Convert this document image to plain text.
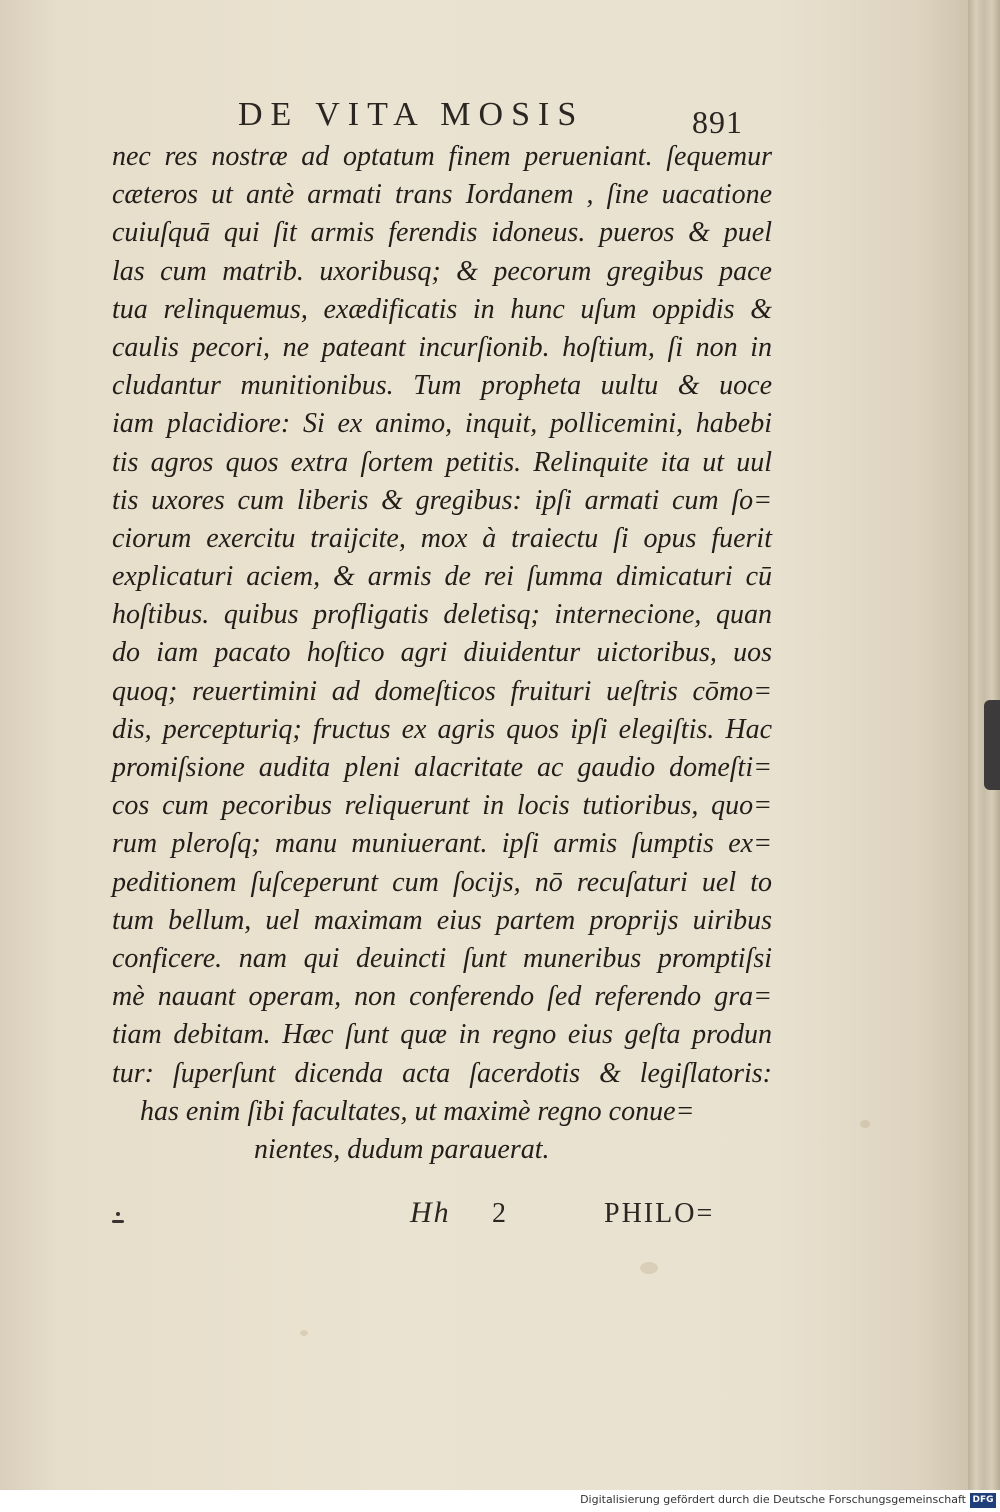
DE VITA MOSIS	891
nec res nostræ ad optatum finem perueniant. ſequemur
cæteros ut antè armati trans Iordanem , ſine uacatione
cuiuſquā qui ſit armis ferendis idoneus. pueros & puel
las cum matrib. uxoribusq; & pecorum gregibus pace
tua relinquemus, exædificatis in hunc uſum oppidis &
caulis pecori, ne pateant incurſionib. hoſtium, ſi non in
cludantur munitionibus. Tum propheta uultu & uoce
iam placidiore: Si ex animo, inquit, pollicemini, habebi
tis agros quos extra ſortem petitis. Relinquite ita ut uul
tis uxores cum liberis & gregibus: ipſi armati cum ſo=
ciorum exercitu traijcite, mox à traiectu ſi opus fuerit
explicaturi aciem, & armis de rei ſumma dimicaturi cū
hoſtibus. quibus profligatis deletisq; internecione, quan
do iam pacato hoſtico agri diuidentur uictoribus, uos
quoq; reuertimini ad domeſticos fruituri ueſtris cōmo=
dis, percepturiq; fructus ex agris quos ipſi elegiſtis. Hac
promiſsione audita pleni alacritate ac gaudio domeſti=
cos cum pecoribus reliquerunt in locis tutioribus, quo=
rum pleroſq; manu muniuerant. ipſi armis ſumptis ex=
peditionem ſuſceperunt cum ſocijs, nō recuſaturi uel to
tum bellum, uel maximam eius partem proprijs uiribus
conficere. nam qui deuincti ſunt muneribus promptiſsi
mè nauant operam, non conferendo ſed referendo gra=
tiam debitam. Hæc ſunt quæ in regno eius geſta produn
tur: ſuperſunt dicenda acta ſacerdotis & legiſlatoris:
has enim ſibi facultates, ut maximè regno conue=
nientes, dudum parauerat.
Hh 2	PHILO=
Digitalisierung gefördert durch die Deutsche Forschungsgemeinschaft DFG
